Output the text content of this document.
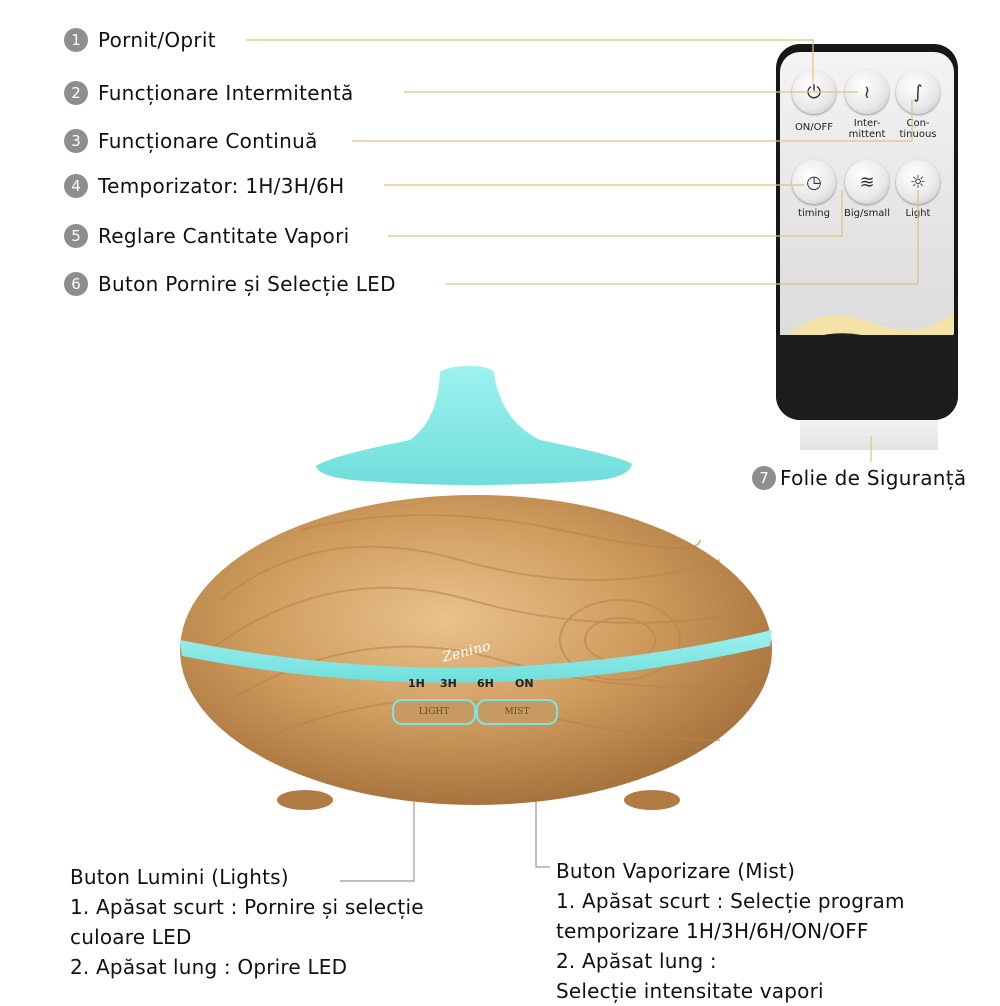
1 Pornit/Oprit
2 Funcționare Intermitentă
3 Funcționare Continuă
4 Temporizator: 1H/3H/6H
5 Reglare Cantitate Vapori
6 Buton Pornire și Selecție LED
⏻ ≀ ∫
◷ ≋ ☼
ON/OFF	Inter-
mittent
Con-
tinuous
timing	Big/small	Light
7 Folie de Siguranță
Zenino
1H 3H 6H ON
LIGHT	MIST
Buton Lumini (Lights)
1. Apăsat scurt : Pornire și selecție
culoare LED
2. Apăsat lung : Oprire LED
Buton Vaporizare (Mist)
1. Apăsat scurt : Selecție program
temporizare 1H/3H/6H/ON/OFF
2. Apăsat lung :
Selecție intensitate vapori
